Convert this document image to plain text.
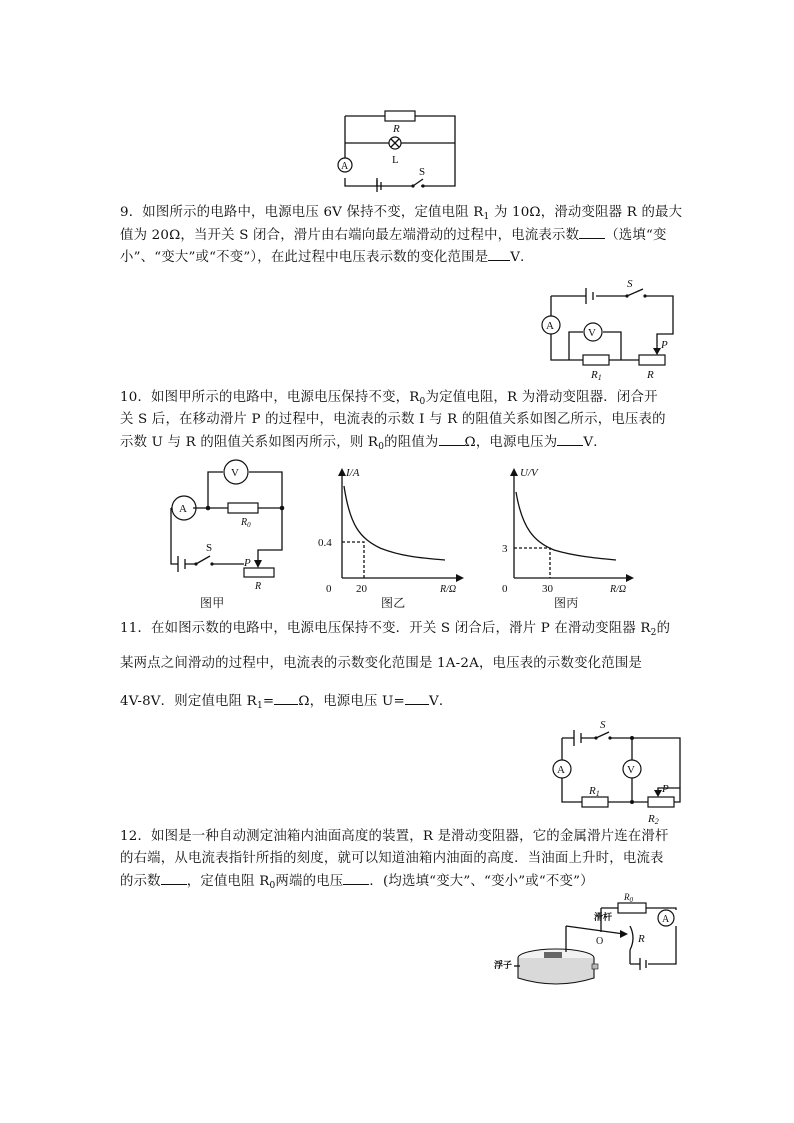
R
L
A	S
9．如图所示的电路中，电源电压 6V 保持不变，定值电阻 $R_1$ 为 10Ω，滑动变阻器 R 的最大
值为 20Ω，当开关 S 闭合，滑片由右端向最左端滑动的过程中，电流表示数 （选填“变
小”、“变大”或“不变”），在此过程中电压表示数的变化范围是 V．
S
A
V
R1
P
R
10．如图甲所示的电路中，电源电压保持不变，$R_0$为定值电阻，R 为滑动变阻器．闭合开
关 S 后，在移动滑片 P 的过程中，电流表的示数 I 与 R 的阻值关系如图乙所示，电压表的
示数 U 与 R 的阻值关系如图丙所示，则 $R_0$的阻值为 Ω，电源电压为 V．
V
A
$R_0$
S
P
R
图甲
I/A
R/Ω
0
0.4
20
图乙
U/V
R/Ω
0
3
30
图丙
11．在如图示数的电路中，电源电压保持不变．开关 S 闭合后，滑片 P 在滑动变阻器 $R_2$的
某两点之间滑动的过程中，电流表的示数变化范围是 1A-2A，电压表的示数变化范围是
4V-8V．则定值电阻 $R_1= \Omega$，电源电压 U= V．
S
A	V
R1	P
R2
12．如图是一种自动测定油箱内油面高度的装置，R 是滑动变阻器，它的金属滑片连在滑杆
的右端，从电流表指针所指的刻度，就可以知道油箱内油面的高度．当油面上升时，电流表
的示数 ，定值电阻 $R_0$两端的电压 ．(均选填“变大”、“变小”或“不变”）
$R_0$
A
R
滑杆
O
浮子
